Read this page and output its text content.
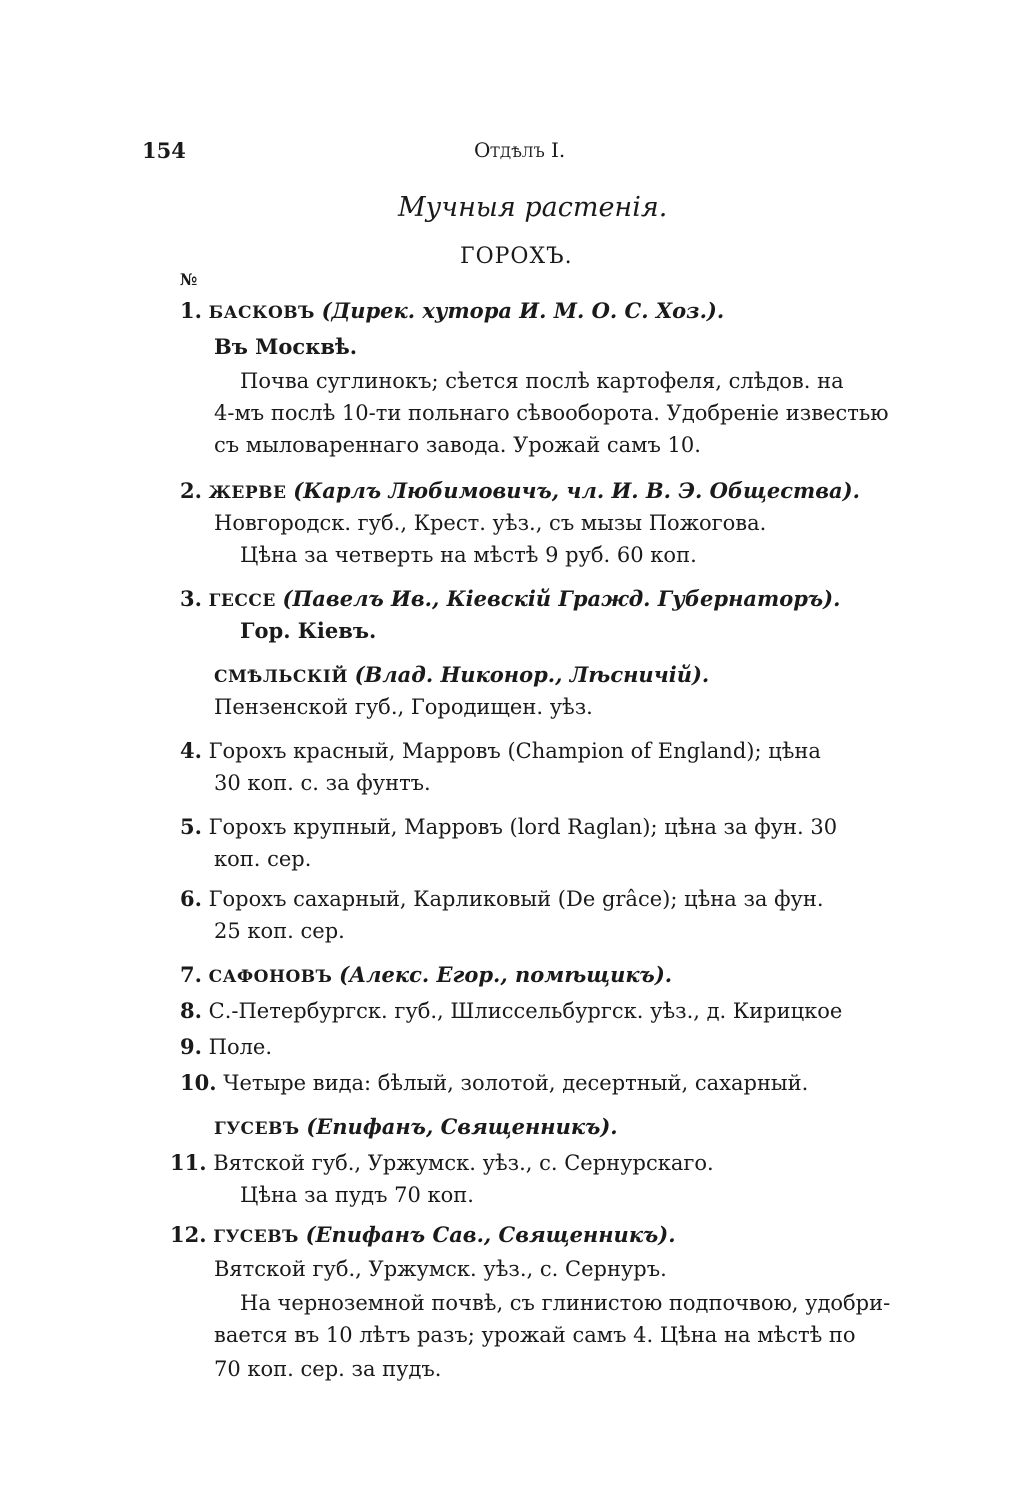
154	Отдѣлъ I.
Мучныя растенія.
ГОРОХЪ.
№
1. БАСКОВЪ (Дирек. хутора И. М. О. С. Хоз.).
Въ Москвѣ.
Почва суглинокъ; сѣется послѣ картофеля, слѣдов. на
4-мъ послѣ 10-ти польнаго сѣвооборота. Удобреніе известью
съ мыловареннаго завода. Урожай самъ 10.
2. ЖЕРВЕ (Карлъ Любимовичъ, чл. И. В. Э. Общества).
Новгородск. губ., Крест. уѣз., съ мызы Пожогова.
Цѣна за четверть на мѣстѣ 9 руб. 60 коп.
3. ГЕССЕ (Павелъ Ив., Кіевскій Гражд. Губернаторъ).
Гор. Кіевъ.
СМѢЛЬСКІЙ (Влад. Никонор., Лѣсничій).
Пензенской губ., Городищен. уѣз.
4. Горохъ красный, Марровъ (Champion of England); цѣна
30 коп. с. за фунтъ.
5. Горохъ крупный, Марровъ (lord Raglan); цѣна за фун. 30
коп. сер.
6. Горохъ сахарный, Карликовый (De grâce); цѣна за фун.
25 коп. сер.
7. САФОНОВЪ (Алекс. Егор., помѣщикъ).
8. С.-Петербургск. губ., Шлиссельбургск. уѣз., д. Кирицкое
9. Поле.
10. Четыре вида: бѣлый, золотой, десертный, сахарный.
ГУСЕВЪ (Епифанъ, Священникъ).
11. Вятской губ., Уржумск. уѣз., с. Сернурскаго.
Цѣна за пудъ 70 коп.
12. ГУСЕВЪ (Епифанъ Сав., Священникъ).
Вятской губ., Уржумск. уѣз., с. Сернуръ.
На черноземной почвѣ, съ глинистою подпочвою, удобри-
вается въ 10 лѣтъ разъ; урожай самъ 4. Цѣна на мѣстѣ по
70 коп. сер. за пудъ.
